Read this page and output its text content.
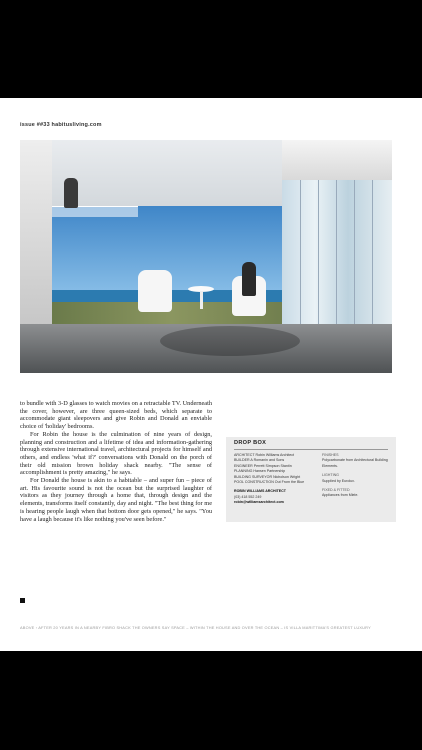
issue ##33 habitusliving.com

to bundle with 3-D glasses to watch movies on a retractable TV. Underneath the cover, however, are three queen-sized beds, which separate to accommodate giant sleepovers and give Robin and Donald an enviable choice of 'holiday' bedrooms.

For Robin the house is the culmination of nine years of design, planning and construction and a lifetime of idea and information-gathering through extensive international travel, architectural projects for himself and others, and endless 'what if?' conversations with Donald on the porch of their old mission brown holiday shack nearby. "The sense of accomplishment is pretty amazing," he says.

For Donald the house is akin to a habitable – and super fun – piece of art. His favourite sound is not the ocean but the surprised laughter of visitors as they journey through a home that, through design and the elements, transforms itself constantly, day and night. "The best thing for me is hearing people laugh when that bottom door gets opened," he says. "You have a laugh because it's like nothing you've seen before."

DROP BOX
ARCHITECT Robin Williams Architect
BUILDER A Romanin and Sons
ENGINEER Perrett Simpson Stantin
PLANNING Hansen Partnership
BUILDING SURVEYOR Nicholson Wright
POOL CONSTRUCTION Out From the Blue
ROBIN WILLIAMS ARCHITECT
(03) 418 552 249
robin@williamsarchitect.com
FINISHES
Polycarbonate from Architectural Building Elements.
LIGHTING
Supplied by Eurolux.
FIXED & FITTED
Appliances from Miele.
ABOVE › AFTER 20 YEARS IN A NEARBY FIBRO SHACK THE OWNERS SAY SPACE – WITHIN THE HOUSE AND OVER THE OCEAN – IS VILLA MARITTIMA'S GREATEST LUXURY
